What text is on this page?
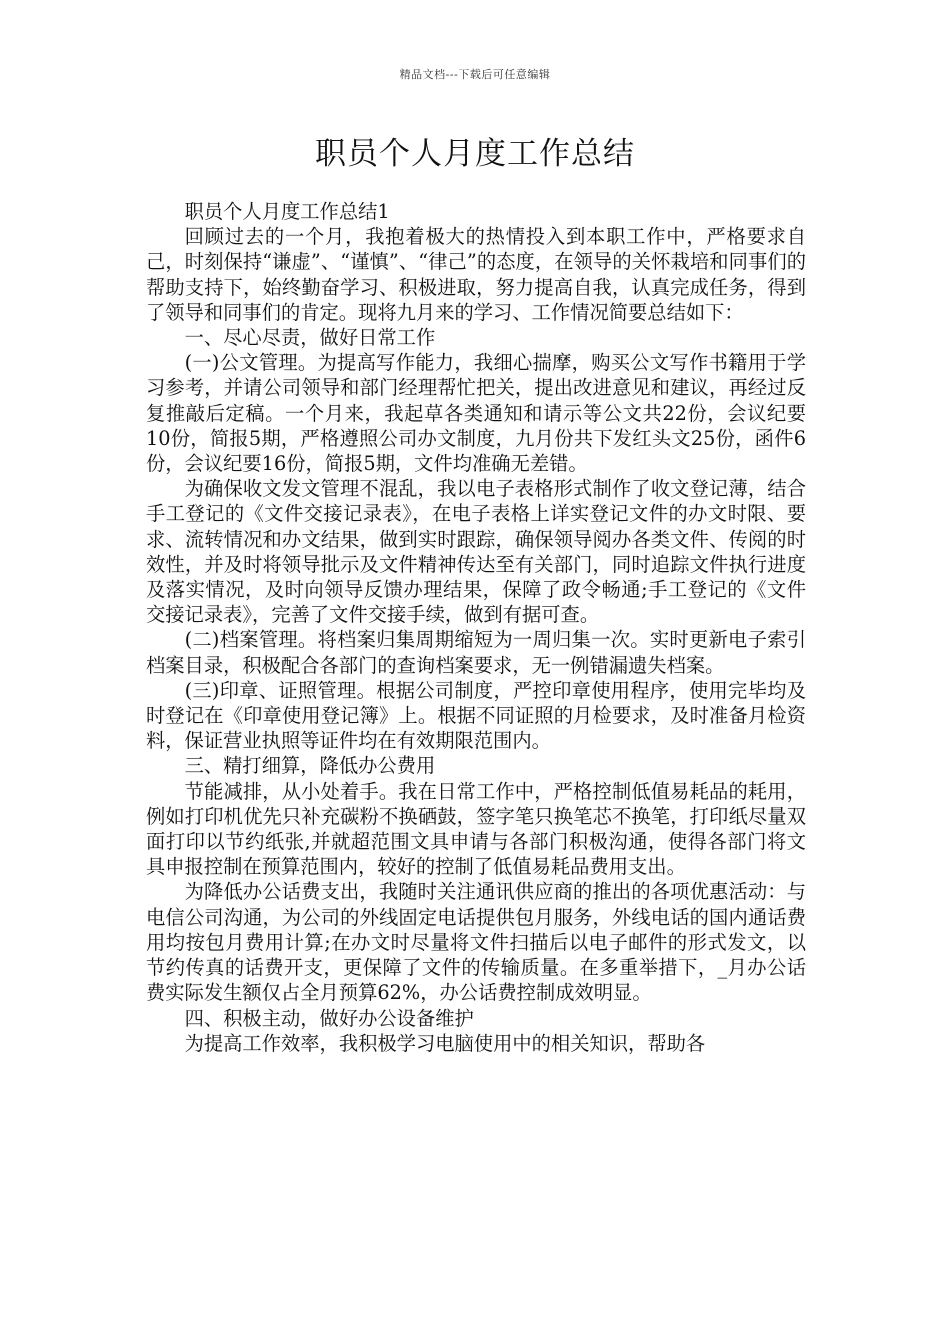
精品文档---下载后可任意编辑
职员个人月度工作总结

职员个人月度工作总结1

回顾过去的一个月，我抱着极大的热情投入到本职工作中，严格要求自己，时刻保持“谦虚”、“谨慎”、“律己”的态度，在领导的关怀栽培和同事们的帮助支持下，始终勤奋学习、积极进取，努力提高自我，认真完成任务，得到了领导和同事们的肯定。现将九月来的学习、工作情况简要总结如下：

一、尽心尽责，做好日常工作

(一)公文管理。为提高写作能力，我细心揣摩，购买公文写作书籍用于学习参考，并请公司领导和部门经理帮忙把关，提出改进意见和建议，再经过反复推敲后定稿。一个月来，我起草各类通知和请示等公文共22份，会议纪要10份，简报5期，严格遵照公司办文制度，九月份共下发红头文25份，函件6份，会议纪要16份，简报5期，文件均准确无差错。

为确保收文发文管理不混乱，我以电子表格形式制作了收文登记薄，结合手工登记的《文件交接记录表》，在电子表格上详实登记文件的办文时限、要求、流转情况和办文结果，做到实时跟踪，确保领导阅办各类文件、传阅的时效性，并及时将领导批示及文件精神传达至有关部门，同时追踪文件执行进度及落实情况，及时向领导反馈办理结果，保障了政令畅通;手工登记的《文件交接记录表》，完善了文件交接手续，做到有据可查。

(二)档案管理。将档案归集周期缩短为一周归集一次。实时更新电子索引档案目录，积极配合各部门的查询档案要求，无一例错漏遗失档案。

(三)印章、证照管理。根据公司制度，严控印章使用程序，使用完毕均及时登记在《印章使用登记簿》上。根据不同证照的月检要求，及时准备月检资料，保证营业执照等证件均在有效期限范围内。

三、精打细算，降低办公费用

节能减排，从小处着手。我在日常工作中，严格控制低值易耗品的耗用，例如打印机优先只补充碳粉不换硒鼓，签字笔只换笔芯不换笔，打印纸尽量双面打印以节约纸张,并就超范围文具申请与各部门积极沟通，使得各部门将文具申报控制在预算范围内，较好的控制了低值易耗品费用支出。

为降低办公话费支出，我随时关注通讯供应商的推出的各项优惠活动：与电信公司沟通，为公司的外线固定电话提供包月服务，外线电话的国内通话费用均按包月费用计算;在办文时尽量将文件扫描后以电子邮件的形式发文，以节约传真的话费开支，更保障了文件的传输质量。在多重举措下，_月办公话费实际发生额仅占全月预算62%，办公话费控制成效明显。

四、积极主动，做好办公设备维护

为提高工作效率，我积极学习电脑使用中的相关知识，帮助各
